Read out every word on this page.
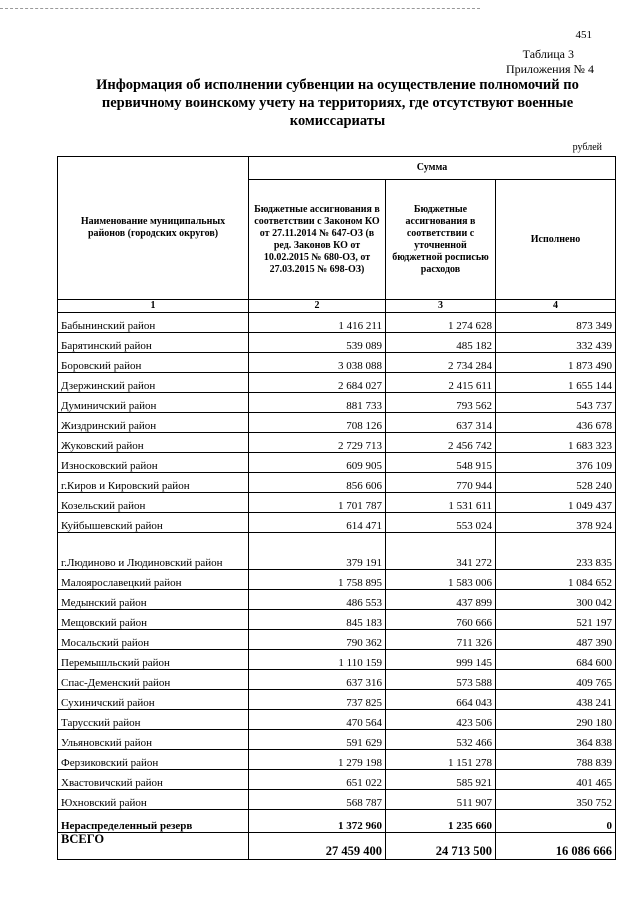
451
Таблица 3
Приложения № 4
Информация об исполнении субвенции на осуществление полномочий по первичному воинскому учету на территориях, где отсутствуют военные комиссариаты
рублей
Наименование муниципальных районов (городских округов)	Сумма		
	Бюджетные ассигнования в соответствии с Законом КО от 27.11.2014 № 647-ОЗ (в ред. Законов КО от 10.02.2015 № 680-ОЗ, от 27.03.2015 № 698-ОЗ)	Бюджетные ассигнования в соответствии с уточненной бюджетной росписью расходов	Исполнено
1	2	3	4
Бабынинский район	1 416 211	1 274 628	873 349
Барятинский район	539 089	485 182	332 439
Боровский район	3 038 088	2 734 284	1 873 490
Дзержинский район	2 684 027	2 415 611	1 655 144
Думиничский район	881 733	793 562	543 737
Жиздринский район	708 126	637 314	436 678
Жуковский район	2 729 713	2 456 742	1 683 323
Износковский район	609 905	548 915	376 109
г.Киров и Кировский район	856 606	770 944	528 240
Козельский район	1 701 787	1 531 611	1 049 437
Куйбышевский район	614 471	553 024	378 924
г.Людиново и Людиновский район	379 191	341 272	233 835
Малоярославецкий район	1 758 895	1 583 006	1 084 652
Медынский район	486 553	437 899	300 042
Мещовский район	845 183	760 666	521 197
Мосальский район	790 362	711 326	487 390
Перемышльский район	1 110 159	999 145	684 600
Спас-Деменский район	637 316	573 588	409 765
Сухиничский район	737 825	664 043	438 241
Тарусский район	470 564	423 506	290 180
Ульяновский район	591 629	532 466	364 838
Ферзиковский район	1 279 198	1 151 278	788 839
Хвастовичский район	651 022	585 921	401 465
Юхновский район	568 787	511 907	350 752
Нераспределенный резерв	1 372 960	1 235 660	0
ВСЕГО	27 459 400	24 713 500	16 086 666
